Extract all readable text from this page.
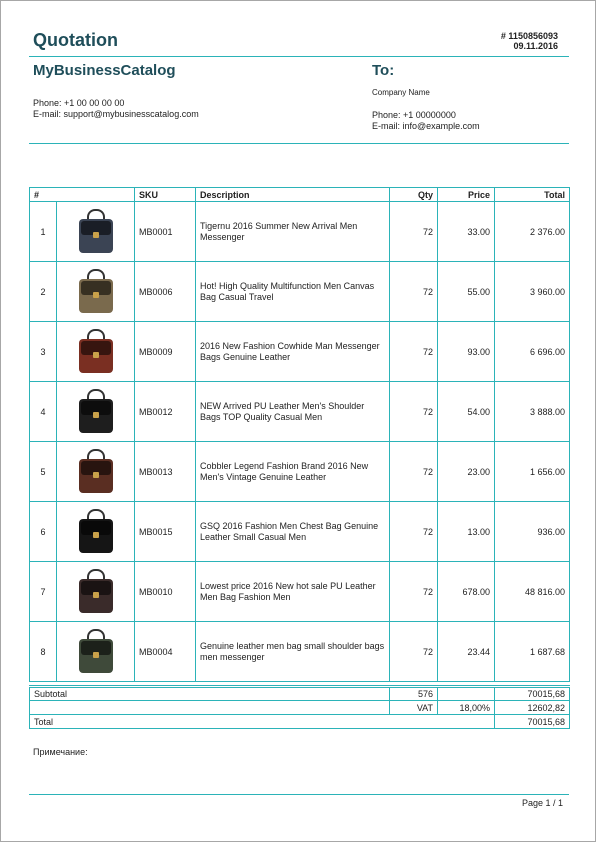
Quotation	# 1150856093
09.11.2016
MyBusinessCatalog	To:
Phone: +1 00 00 00 00
E-mail: support@mybusinesscatalog.com
Company Name
Phone: +1 00000000
E-mail: info@example.com
#		SKU	Description	Qty	Price	Total
1		MB0001	Tigernu 2016 Summer New Arrival Men Messenger	72	33.00	2 376.00
2		MB0006	Hot! High Quality Multifunction Men Canvas Bag Casual Travel	72	55.00	3 960.00
3		MB0009	2016 New Fashion Cowhide Man Messenger Bags Genuine Leather	72	93.00	6 696.00
4		MB0012	NEW Arrived PU Leather Men's Shoulder Bags TOP Quality Casual Men	72	54.00	3 888.00
5		MB0013	Cobbler Legend Fashion Brand 2016 New Men's Vintage Genuine Leather	72	23.00	1 656.00
6		MB0015	GSQ 2016 Fashion Men Chest Bag Genuine Leather Small Casual Men	72	13.00	936.00
7		MB0010	Lowest price 2016 New hot sale PU Leather Men Bag Fashion Men	72	678.00	48 816.00
8		MB0004	Genuine leather men bag small shoulder bags men messenger	72	23.44	1 687.68
Subtotal	576		70015,68
	VAT	18,00%	12602,82
Total			70015,68
Примечание:
Page 1 / 1
